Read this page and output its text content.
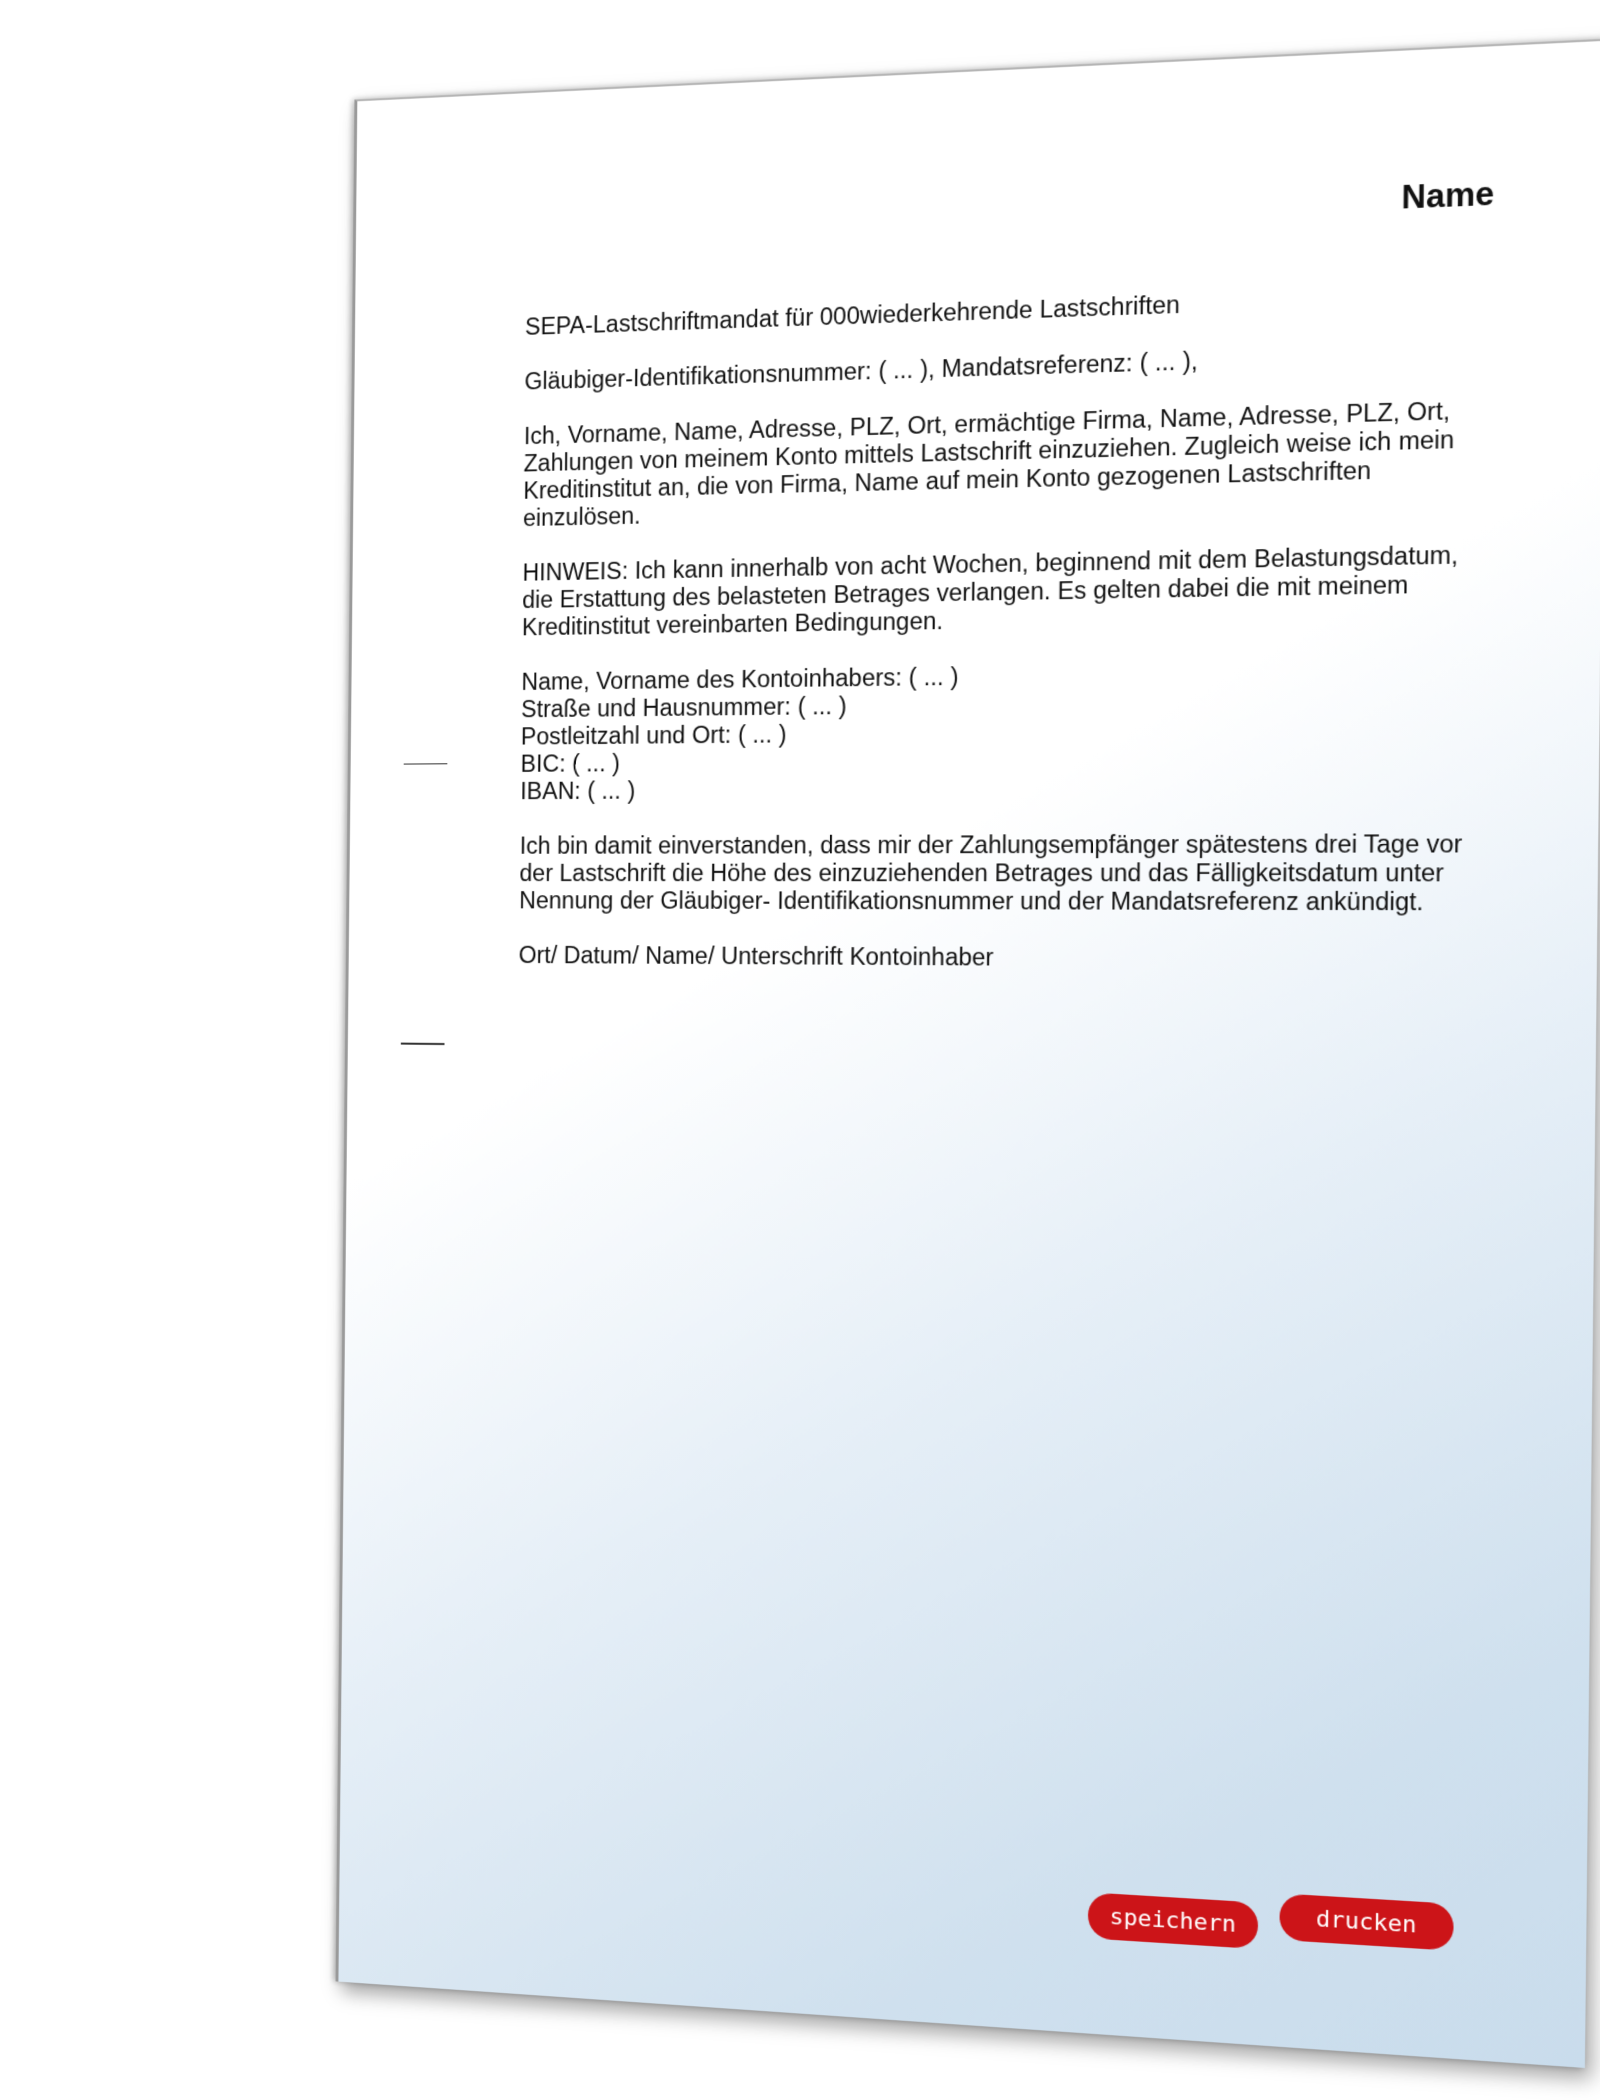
Name

SEPA-Lastschriftmandat für 000wiederkehrende Lastschriften

Gläubiger-Identifikationsnummer: ( ... ), Mandatsreferenz: ( ... ),

Ich, Vorname, Name, Adresse, PLZ, Ort, ermächtige Firma, Name, Adresse, PLZ, Ort, Zahlungen von meinem Konto mittels Lastschrift einzuziehen. Zugleich weise ich mein Kreditinstitut an, die von Firma, Name auf mein Konto gezogenen Lastschriften einzulösen.

HINWEIS: Ich kann innerhalb von acht Wochen, beginnend mit dem Belastungsdatum, die Erstattung des belasteten Betrages verlangen. Es gelten dabei die mit meinem Kreditinstitut vereinbarten Bedingungen.

Name, Vorname des Kontoinhabers: ( ... )
Straße und Hausnummer: ( ... )
Postleitzahl und Ort: ( ... )
BIC: ( ... )
IBAN: ( ... )

Ich bin damit einverstanden, dass mir der Zahlungsempfänger spätestens drei Tage vor der Lastschrift die Höhe des einzuziehenden Betrages und das Fälligkeitsdatum unter Nennung der Gläubiger- Identifikationsnummer und der Mandatsreferenz ankündigt.

Ort/ Datum/ Name/ Unterschrift Kontoinhaber

speichern	drucken
